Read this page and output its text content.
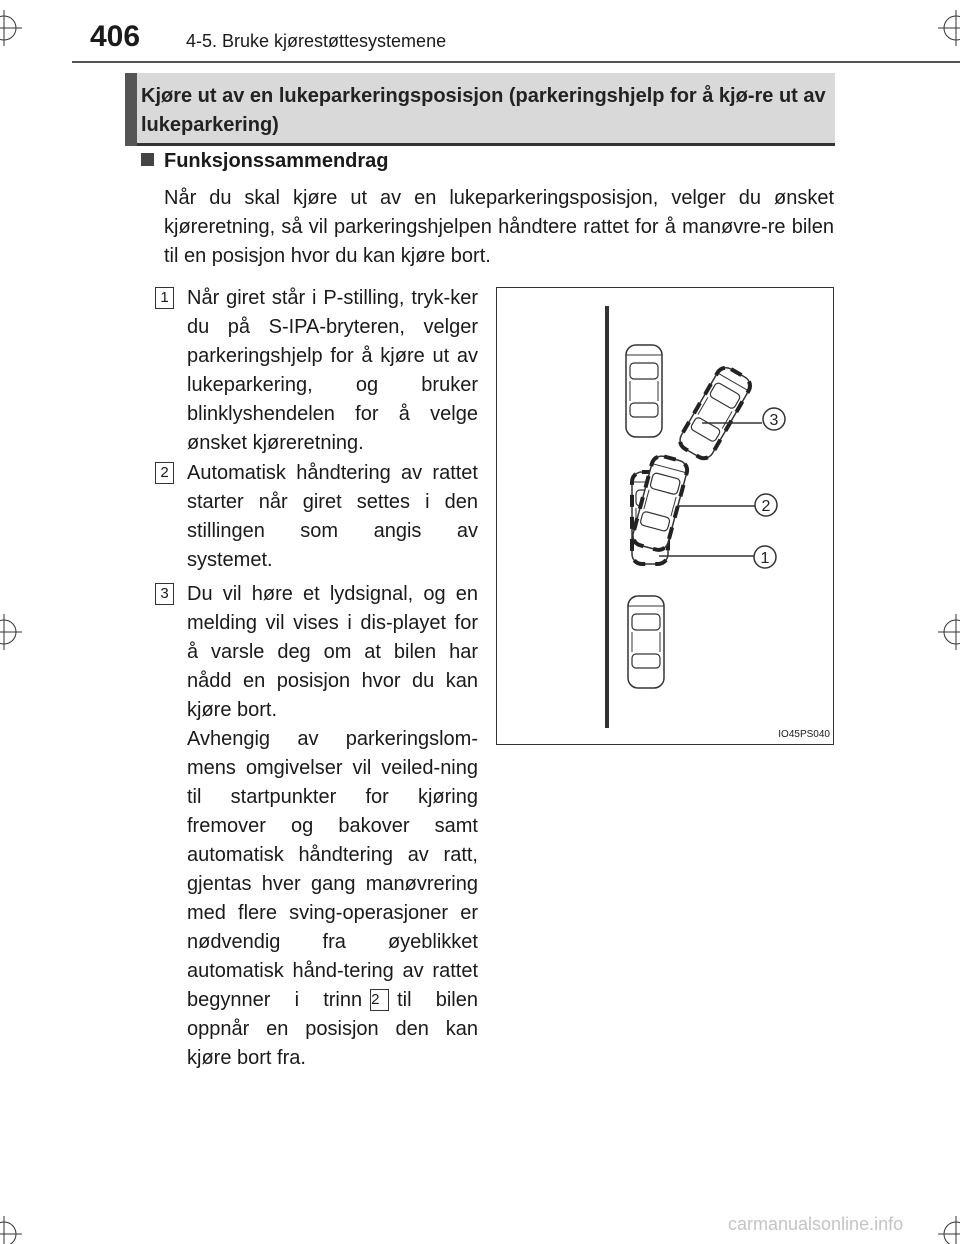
406	4-5. Bruke kjørestøttesystemene
Kjøre ut av en lukeparkeringsposisjon (parkeringshjelp for å kjø-re ut av lukeparkering)
Funksjonssammendrag
Når du skal kjøre ut av en lukeparkeringsposisjon, velger du ønsket kjøreretning, så vil parkeringshjelpen håndtere rattet for å manøvre-re bilen til en posisjon hvor du kan kjøre bort.
1 Når giret står i P-stilling, tryk-ker du på S-IPA-bryteren, velger parkeringshjelp for å kjøre ut av lukeparkering, og bruker blinklyshendelen for å velge ønsket kjøreretning.
2 Automatisk håndtering av rattet starter når giret settes i den stillingen som angis av systemet.
3 Du vil høre et lydsignal, og en melding vil vises i dis-playet for å varsle deg om at bilen har nådd en posisjon hvor du kan kjøre bort.
Avhengig av parkeringslom-mens omgivelser vil veiled-ning til startpunkter for kjøring fremover og bakover samt automatisk håndtering av ratt, gjentas hver gang manøvrering med flere sving-operasjoner er nødvendig fra øyeblikket automatisk hånd-tering av rattet begynner i trinn 2 til bilen oppnår en posisjon den kan kjøre bort fra.
3
2
1
IO45PS040
carmanualsonline.info
